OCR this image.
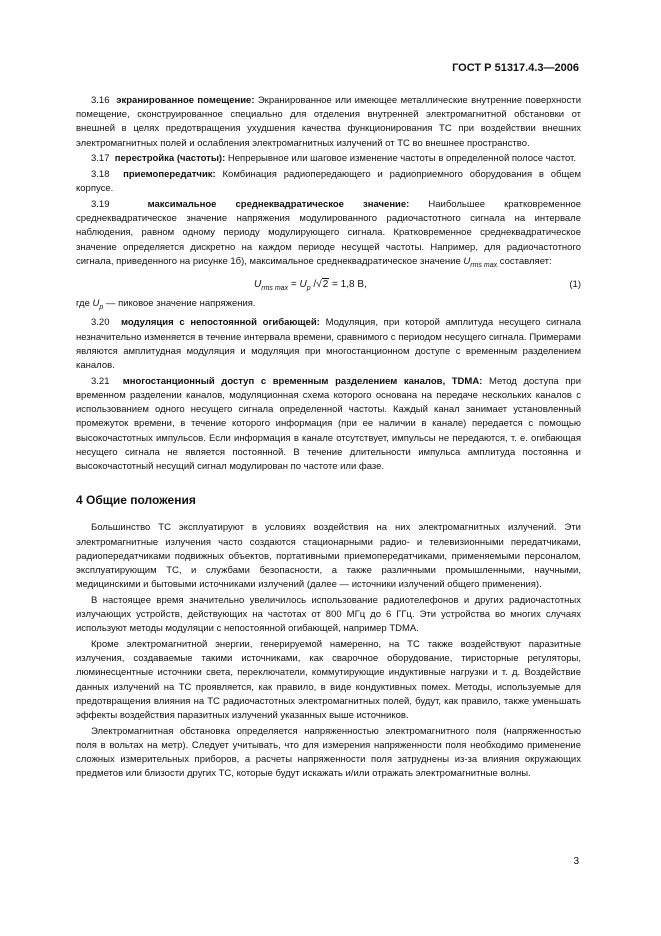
ГОСТ Р 51317.4.3—2006

3.16 экранированное помещение: Экранированное или имеющее металлические внутренние поверхности помещение, сконструированное специально для отделения внутренней электромагнитной обстановки от внешней в целях предотвращения ухудшения качества функционирования ТС при воздействии внешних электромагнитных полей и ослабления электромагнитных излучений от ТС во внешнее пространство.

3.17 перестройка (частоты): Непрерывное или шаговое изменение частоты в определенной полосе частот.

3.18 приемопередатчик: Комбинация радиопередающего и радиоприемного оборудования в общем корпусе.

3.19	максимальное среднеквадратическое значение: Наибольшее кратковременное среднеквадратическое значение напряжения модулированного радиочастотного сигнала на интервале наблюдения, равном одному периоду модулирующего сигнала. Кратковременное среднеквадратическое значение определяется дискретно на каждом периоде несущей частоты. Например, для радиочастотного сигнала, приведенного на рисунке 1б), максимальное среднеквадратическое значение $U_{rms max}$ составляет:

$U_{rms max} = U_p$ /√2 = 1,8 В,	(1)

где $U_p$ — пиковое значение напряжения.

3.20 модуляция с непостоянной огибающей: Модуляция, при которой амплитуда несущего сигнала незначительно изменяется в течение интервала времени, сравнимого с периодом несущего сигнала. Примерами являются амплитудная модуляция и модуляция при многостанционном доступе с временным разделением каналов.

3.21 многостанционный доступ с временным разделением каналов, TDMA: Метод доступа при временном разделении каналов, модуляционная схема которого основана на передаче нескольких каналов с использованием одного несущего сигнала определенной частоты. Каждый канал занимает установленный промежуток времени, в течение которого информация (при ее наличии в канале) передается с помощью высокочастотных импульсов. Если информация в канале отсутствует, импульсы не передаются, т. е. огибающая несущего сигнала не является постоянной. В течение длительности импульса амплитуда постоянна и высокочастотный несущий сигнал модулирован по частоте или фазе.

4 Общие положения

Большинство ТС эксплуатируют в условиях воздействия на них электромагнитных излучений. Эти электромагнитные излучения часто создаются стационарными радио- и телевизионными передатчиками, радиопередатчиками подвижных объектов, портативными приемопередатчиками, применяемыми персоналом, эксплуатирующим ТС, и службами безопасности, а также различными промышленными, научными, медицинскими и бытовыми источниками излучений (далее — источники излучений общего применения).

В настоящее время значительно увеличилось использование радиотелефонов и других радиочастотных излучающих устройств, действующих на частотах от 800 МГц до 6 ГГц. Эти устройства во многих случаях используют методы модуляции с непостоянной огибающей, например TDMA.

Кроме электромагнитной энергии, генерируемой намеренно, на ТС также воздействуют паразитные излучения, создаваемые такими источниками, как сварочное оборудование, тиристорные регуляторы, люминесцентные источники света, переключатели, коммутирующие индуктивные нагрузки и т. д. Воздействие данных излучений на ТС проявляется, как правило, в виде кондуктивных помех. Методы, используемые для предотвращения влияния на ТС радиочастотных электромагнитных полей, будут, как правило, также уменьшать эффекты воздействия паразитных излучений указанных выше источников.

Электромагнитная обстановка определяется напряженностью электромагнитного поля (напряженностью поля в вольтах на метр). Следует учитывать, что для измерения напряженности поля необходимо применение сложных измерительных приборов, а расчеты напряженности поля затруднены из-за влияния окружающих предметов или близости других ТС, которые будут искажать и/или отражать электромагнитные волны.

3
